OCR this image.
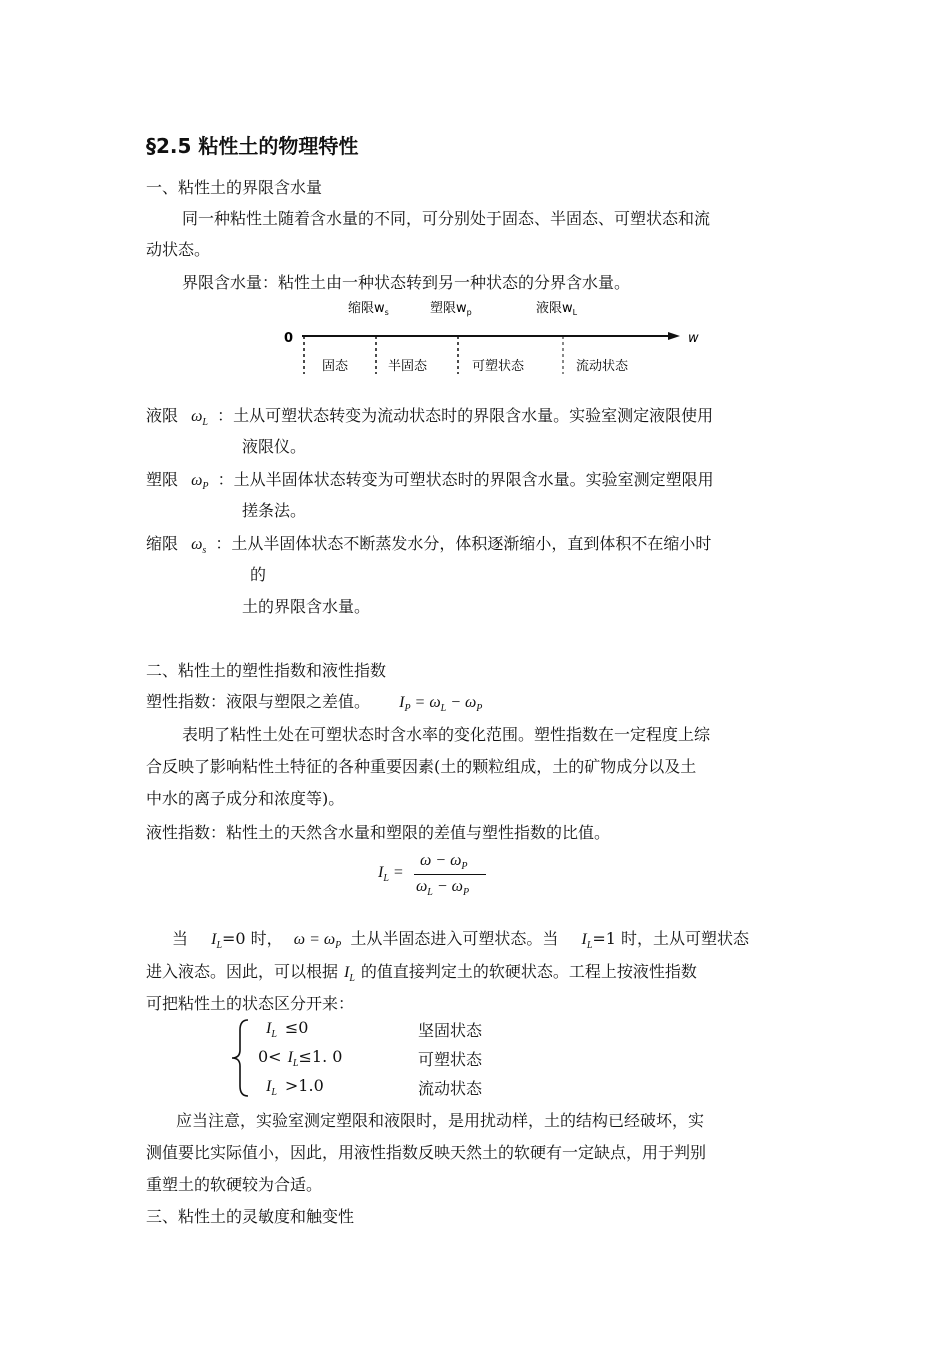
§2.5 粘性土的物理特性
一、粘性土的界限含水量
同一种粘性土随着含水量的不同，可分别处于固态、半固态、可塑状态和流
动状态。
界限含水量：粘性土由一种状态转到另一种状态的分界含水量。
0	w
缩限$w_s$	塑限$w_p$	液限$w_L$
固态	半固态	可塑状态	流动状态
液限 $\omega_L$ ：土从可塑状态转变为流动状态时的界限含水量。实验室测定液限使用
液限仪。
塑限 $\omega_P$ ：土从半固体状态转变为可塑状态时的界限含水量。实验室测定塑限用
搓条法。
缩限 $\omega_s$ ：土从半固体状态不断蒸发水分，体积逐渐缩小，直到体积不在缩小时
的
土的界限含水量。
二、粘性土的塑性指数和液性指数
塑性指数：液限与塑限之差值。 $I_P = \omega_L - \omega_P$
表明了粘性土处在可塑状态时含水率的变化范围。塑性指数在一定程度上综
合反映了影响粘性土特征的各种重要因素(土的颗粒组成，土的矿物成分以及土
中水的离子成分和浓度等)。
液性指数：粘性土的天然含水量和塑限的差值与塑性指数的比值。
$I_L$ =
$\omega - \omega_P$
$\omega_L - \omega_P$
当 $I_L=0$ 时， $\omega = \omega_P$ 土从半固态进入可塑状态。当 $I_L=1$ 时，土从可塑状态
进入液态。因此，可以根据 $I_L$ 的值直接判定土的软硬状态。工程上按液性指数
可把粘性土的状态区分开来：
$I_L \le 0$	坚固状态
$0< I_L\le 1$. 0	可塑状态
$I_L >1.0$	流动状态
应当注意，实验室测定塑限和液限时，是用扰动样，土的结构已经破坏，实
测值要比实际值小，因此，用液性指数反映天然土的软硬有一定缺点，用于判别
重塑土的软硬较为合适。
三、粘性土的灵敏度和触变性
